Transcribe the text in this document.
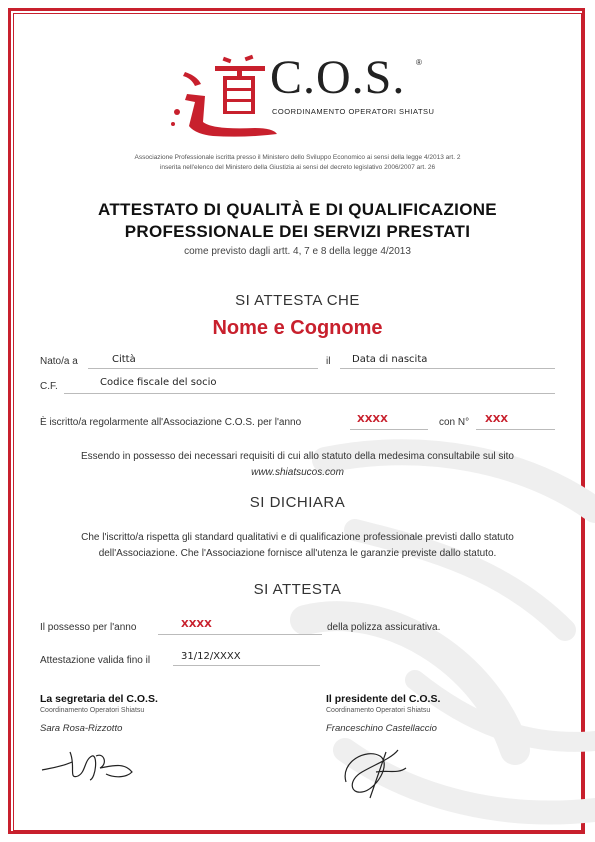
C.O.S. ®
COORDINAMENTO OPERATORI SHIATSU
Associazione Professionale iscritta presso il Ministero dello Sviluppo Economico ai sensi della legge 4/2013 art. 2
inserita nell'elenco del Ministero della Giustizia ai sensi del decreto legislativo 2006/2007 art. 26
ATTESTATO DI QUALITÀ E DI QUALIFICAZIONE
PROFESSIONALE DEI SERVIZI PRESTATI
come previsto dagli artt. 4, 7 e 8 della legge 4/2013
SI ATTESTA CHE
Nome e Cognome
Nato/a a	Città	il Data di nascita
C.F.	Codice fiscale del socio
È iscritto/a regolarmente all'Associazione C.O.S. per l'anno	XXXX	con N° XXX
Essendo in possesso dei necessari requisiti di cui allo statuto della medesima consultabile sul sito
www.shiatsucos.com
SI DICHIARA
Che l'iscritto/a rispetta gli standard qualitativi e di qualificazione professionale previsti dallo statuto
dell'Associazione. Che l'Associazione fornisce all'utenza le garanzie previste dallo statuto.
SI ATTESTA
Il possesso per l'anno	XXXX	della polizza assicurativa.
Attestazione valida fino il	31/12/XXXX
La segretaria del C.O.S.
Coordinamento Operatori Shiatsu
Sara Rosa-Rizzotto
Il presidente del C.O.S.
Coordinamento Operatori Shiatsu
Franceschino Castellaccio
